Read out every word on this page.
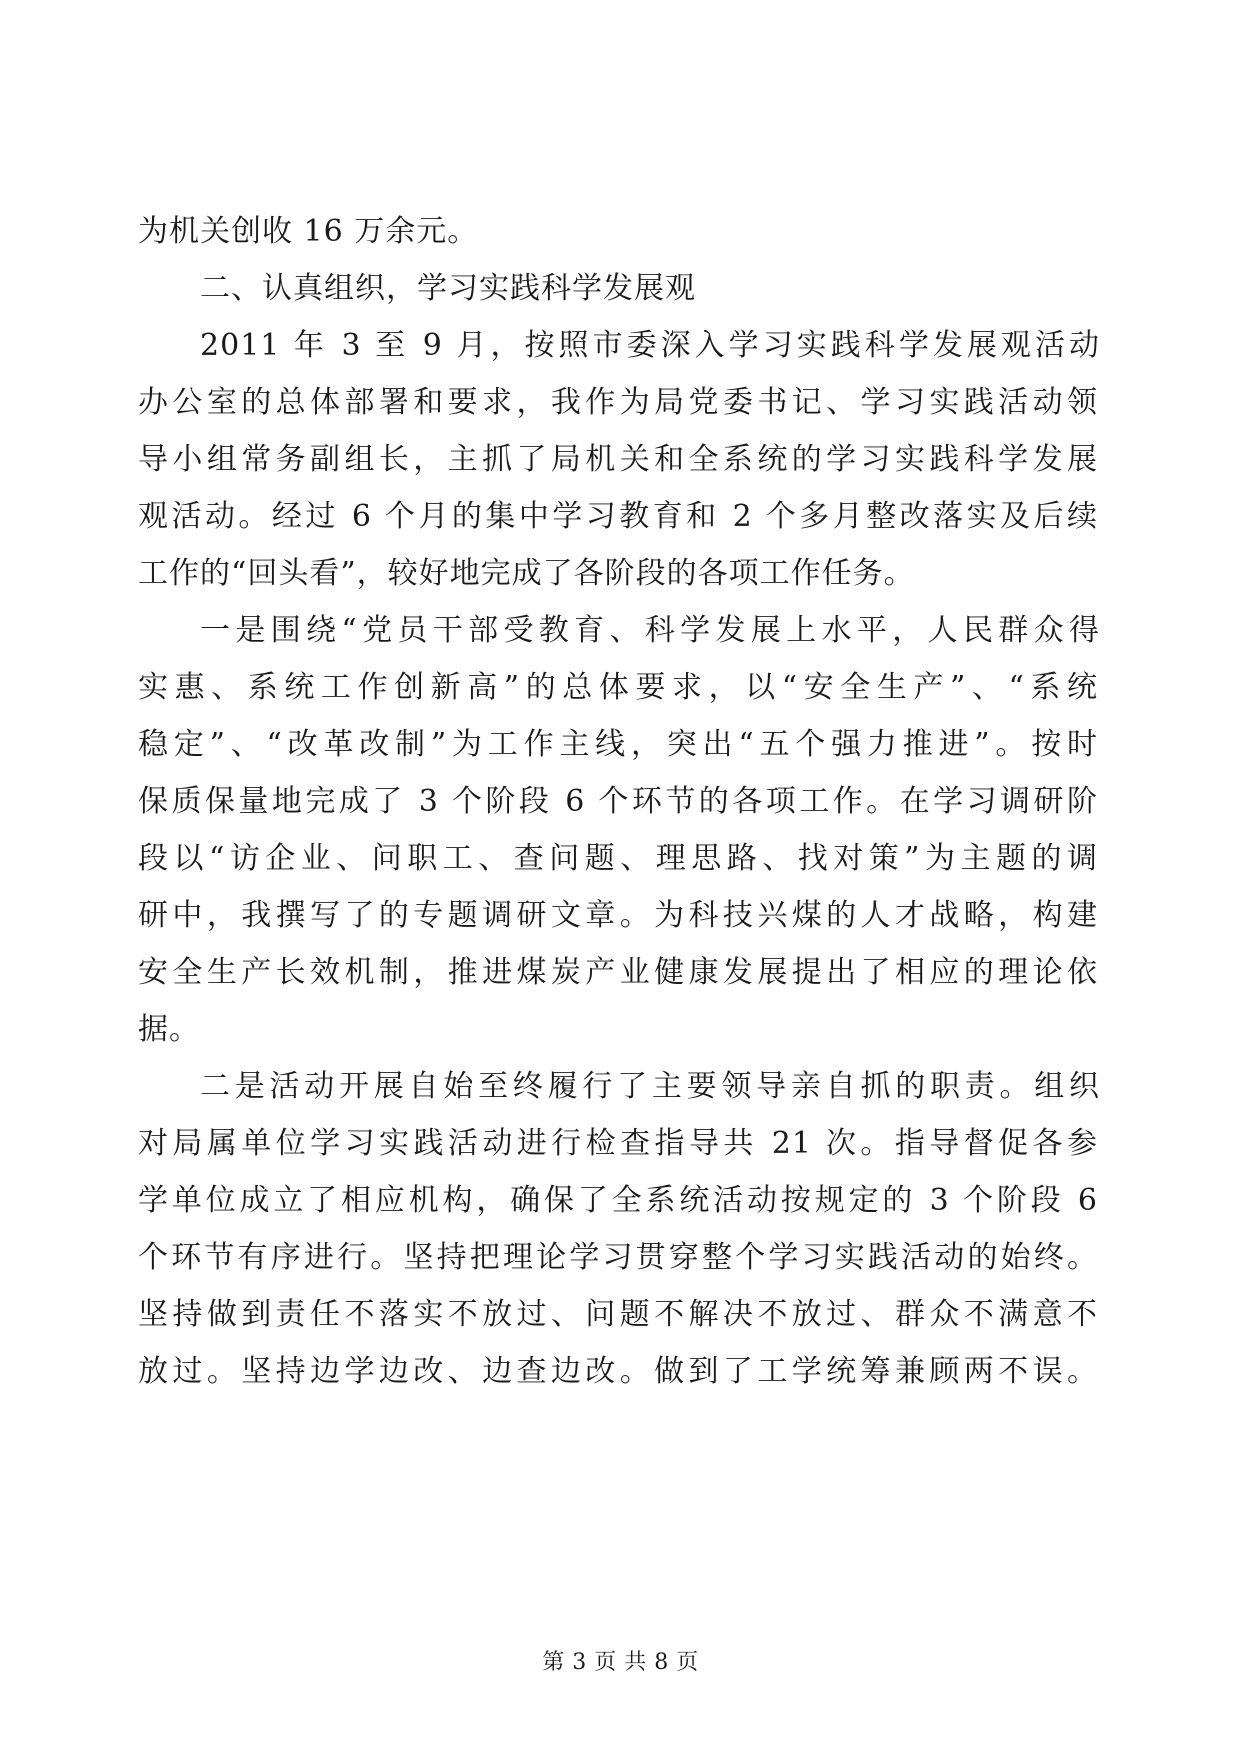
为机关创收 16 万余元。
二、认真组织，学习实践科学发展观
2011 年 3 至 9 月，按照市委深入学习实践科学发展观活动
办公室的总体部署和要求，我作为局党委书记、学习实践活动领
导小组常务副组长，主抓了局机关和全系统的学习实践科学发展
观活动。经过 6 个月的集中学习教育和 2 个多月整改落实及后续
工作的“回头看”，较好地完成了各阶段的各项工作任务。
一是围绕“党员干部受教育、科学发展上水平，人民群众得
实惠、系统工作创新高”的总体要求，以“安全生产”、“系统
稳定”、“改革改制”为工作主线，突出“五个强力推进”。按时
保质保量地完成了 3 个阶段 6 个环节的各项工作。在学习调研阶
段以“访企业、问职工、查问题、理思路、找对策”为主题的调
研中，我撰写了的专题调研文章。为科技兴煤的人才战略，构建
安全生产长效机制，推进煤炭产业健康发展提出了相应的理论依
据。
二是活动开展自始至终履行了主要领导亲自抓的职责。组织
对局属单位学习实践活动进行检查指导共 21 次。指导督促各参
学单位成立了相应机构，确保了全系统活动按规定的 3 个阶段 6
个环节有序进行。坚持把理论学习贯穿整个学习实践活动的始终。
坚持做到责任不落实不放过、问题不解决不放过、群众不满意不
放过。坚持边学边改、边查边改。做到了工学统筹兼顾两不误。
第 3 页 共 8 页
